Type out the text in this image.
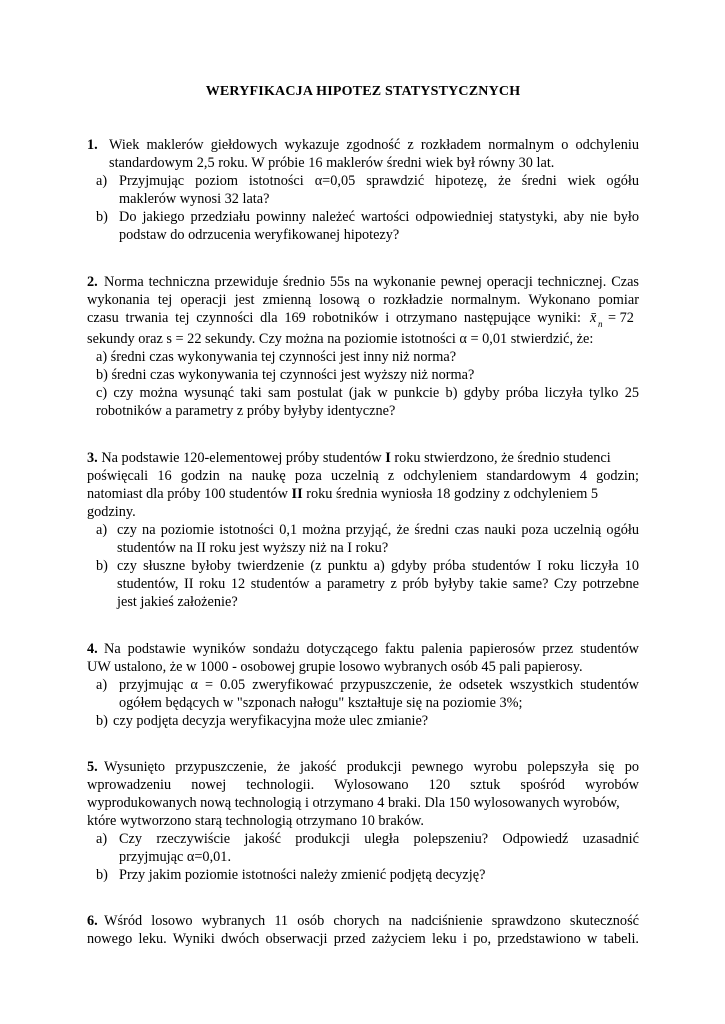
WERYFIKACJA HIPOTEZ STATYSTYCZNYCH
1. Wiek maklerów giełdowych wykazuje zgodność z rozkładem normalnym o odchyleniu
standardowym 2,5 roku. W próbie 16 maklerów średni wiek był równy 30 lat.
a) Przyjmując poziom istotności α=0,05 sprawdzić hipotezę, że średni wiek ogółu
maklerów wynosi 32 lata?
b) Do jakiego przedziału powinny należeć wartości odpowiedniej statystyki, aby nie było
podstaw do odrzucenia weryfikowanej hipotezy?
2. Norma techniczna przewiduje średnio 55s na wykonanie pewnej operacji technicznej. Czas
wykonania tej operacji jest zmienną losową o rozkładzie normalnym. Wykonano pomiar
czasu trwania tej czynności dla 169 robotników i otrzymano następujące wyniki: x̄ n = 72
sekundy oraz s = 22 sekundy. Czy można na poziomie istotności α = 0,01 stwierdzić, że:
a) średni czas wykonywania tej czynności jest inny niż norma?
b) średni czas wykonywania tej czynności jest wyższy niż norma?
c) czy można wysunąć taki sam postulat (jak w punkcie b) gdyby próba liczyła tylko 25
robotników a parametry z próby byłyby identyczne?
3. Na podstawie 120-elementowej próby studentów I roku stwierdzono, że średnio studenci
poświęcali 16 godzin na naukę poza uczelnią z odchyleniem standardowym 4 godzin;
natomiast dla próby 100 studentów II roku średnia wyniosła 18 godziny z odchyleniem 5
godziny.
a) czy na poziomie istotności 0,1 można przyjąć, że średni czas nauki poza uczelnią ogółu
studentów na II roku jest wyższy niż na I roku?
b) czy słuszne byłoby twierdzenie (z punktu a) gdyby próba studentów I roku liczyła 10
studentów, II roku 12 studentów a parametry z prób byłyby takie same? Czy potrzebne
jest jakieś założenie?
4. Na podstawie wyników sondażu dotyczącego faktu palenia papierosów przez studentów
UW ustalono, że w 1000 - osobowej grupie losowo wybranych osób 45 pali papierosy.
a) przyjmując α = 0.05 zweryfikować przypuszczenie, że odsetek wszystkich studentów
ogółem będących w "szponach nałogu" kształtuje się na poziomie 3%;
b) czy podjęta decyzja weryfikacyjna może ulec zmianie?
5. Wysunięto przypuszczenie, że jakość produkcji pewnego wyrobu polepszyła się po
wprowadzeniu nowej technologii. Wylosowano 120 sztuk spośród wyrobów
wyprodukowanych nową technologią i otrzymano 4 braki. Dla 150 wylosowanych wyrobów,
które wytworzono starą technologią otrzymano 10 braków.
a) Czy rzeczywiście jakość produkcji uległa polepszeniu? Odpowiedź uzasadnić
przyjmując α=0,01.
b) Przy jakim poziomie istotności należy zmienić podjętą decyzję?
6. Wśród losowo wybranych 11 osób chorych na nadciśnienie sprawdzono skuteczność
nowego leku. Wyniki dwóch obserwacji przed zażyciem leku i po, przedstawiono w tabeli.
